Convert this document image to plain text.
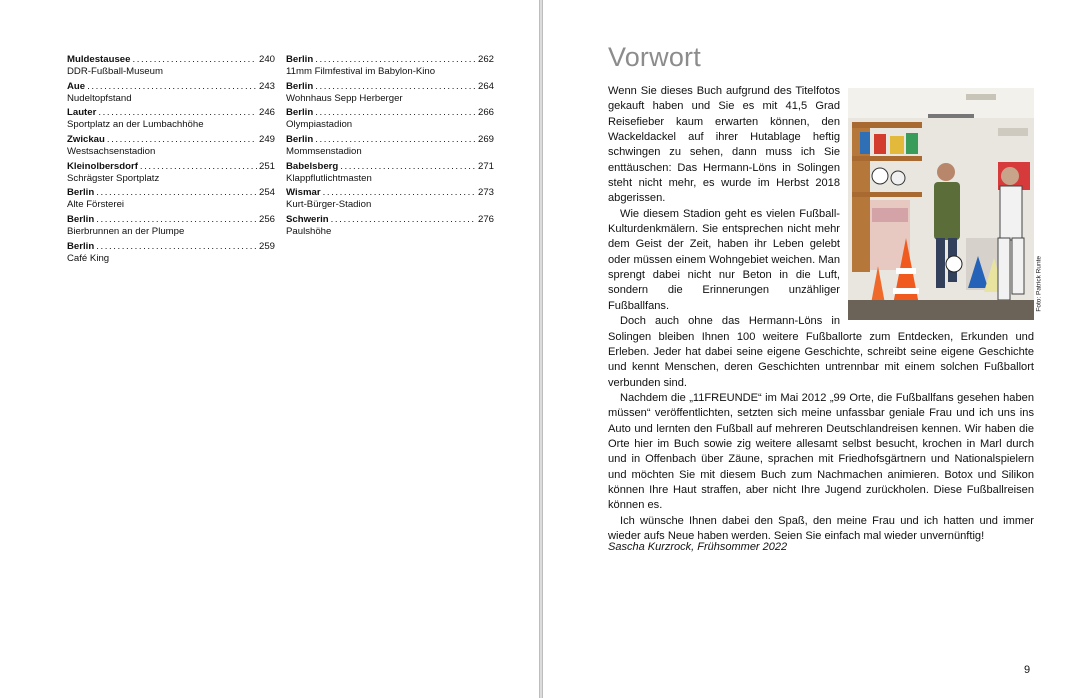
Muldestausee .....	240
DDR-Fußball-Museum
Aue .....	243
Nudeltopfstand
Lauter .....	246
Sportplatz an der Lumbachhöhe
Zwickau .....	249
Westsachsenstadion
Kleinolbersdorf .....	251
Schrägster Sportplatz
Berlin .....	254
Alte Försterei
Berlin .....	256
Bierbrunnen an der Plumpe
Berlin .....	259
Café King
Berlin .....	262
11mm Filmfestival im Babylon-Kino
Berlin .....	264
Wohnhaus Sepp Herberger
Berlin .....	266
Olympiastadion
Berlin .....	269
Mommsenstadion
Babelsberg .....	271
Klappflutlichtmasten
Wismar .....	273
Kurt-Bürger-Stadion
Schwerin .....	276
Paulshöhe
Vorwort
Foto: Patrick Runte

Wenn Sie dieses Buch aufgrund des Titelfotos gekauft haben und Sie es mit 41,5 Grad Reisefieber kaum erwarten können, den Wackeldackel auf ihrer Hutablage heftig schwingen zu sehen, dann muss ich Sie enttäuschen: Das Hermann-Löns in Solingen steht nicht mehr, es wurde im Herbst 2018 abgerissen.

Wie diesem Stadion geht es vielen Fußball-Kulturdenkmälern. Sie entsprechen nicht mehr dem Geist der Zeit, haben ihr Leben gelebt oder müssen einem Wohngebiet weichen. Man sprengt dabei nicht nur Beton in die Luft, sondern die Erinnerungen unzähliger Fußballfans.

Doch auch ohne das Hermann-Löns in Solingen bleiben Ihnen 100 weitere Fußballorte zum Entdecken, Erkunden und Erleben. Jeder hat dabei seine eigene Geschichte, schreibt seine eigene Geschichte und kennt Menschen, deren Geschichten untrennbar mit einem solchen Fußballort verbunden sind.

Nachdem die „11FREUNDE“ im Mai 2012 „99 Orte, die Fußballfans gesehen haben müssen“ veröffentlichten, setzten sich meine unfassbar geniale Frau und ich uns ins Auto und lernten den Fußball auf mehreren Deutschlandreisen kennen. Wir haben die Orte hier im Buch sowie zig weitere allesamt selbst besucht, krochen in Marl durch und in Offenbach über Zäune, sprachen mit Friedhofsgärtnern und Nationalspielern und möchten Sie mit diesem Buch zum Nachmachen animieren. Botox und Silikon können Ihre Haut straffen, aber nicht Ihre Jugend zurückholen. Diese Fußballreisen können es.

Ich wünsche Ihnen dabei den Spaß, den meine Frau und ich hatten und immer wieder aufs Neue haben werden. Seien Sie einfach mal wieder unvernünftig!

Sascha Kurzrock, Frühsommer 2022

9
